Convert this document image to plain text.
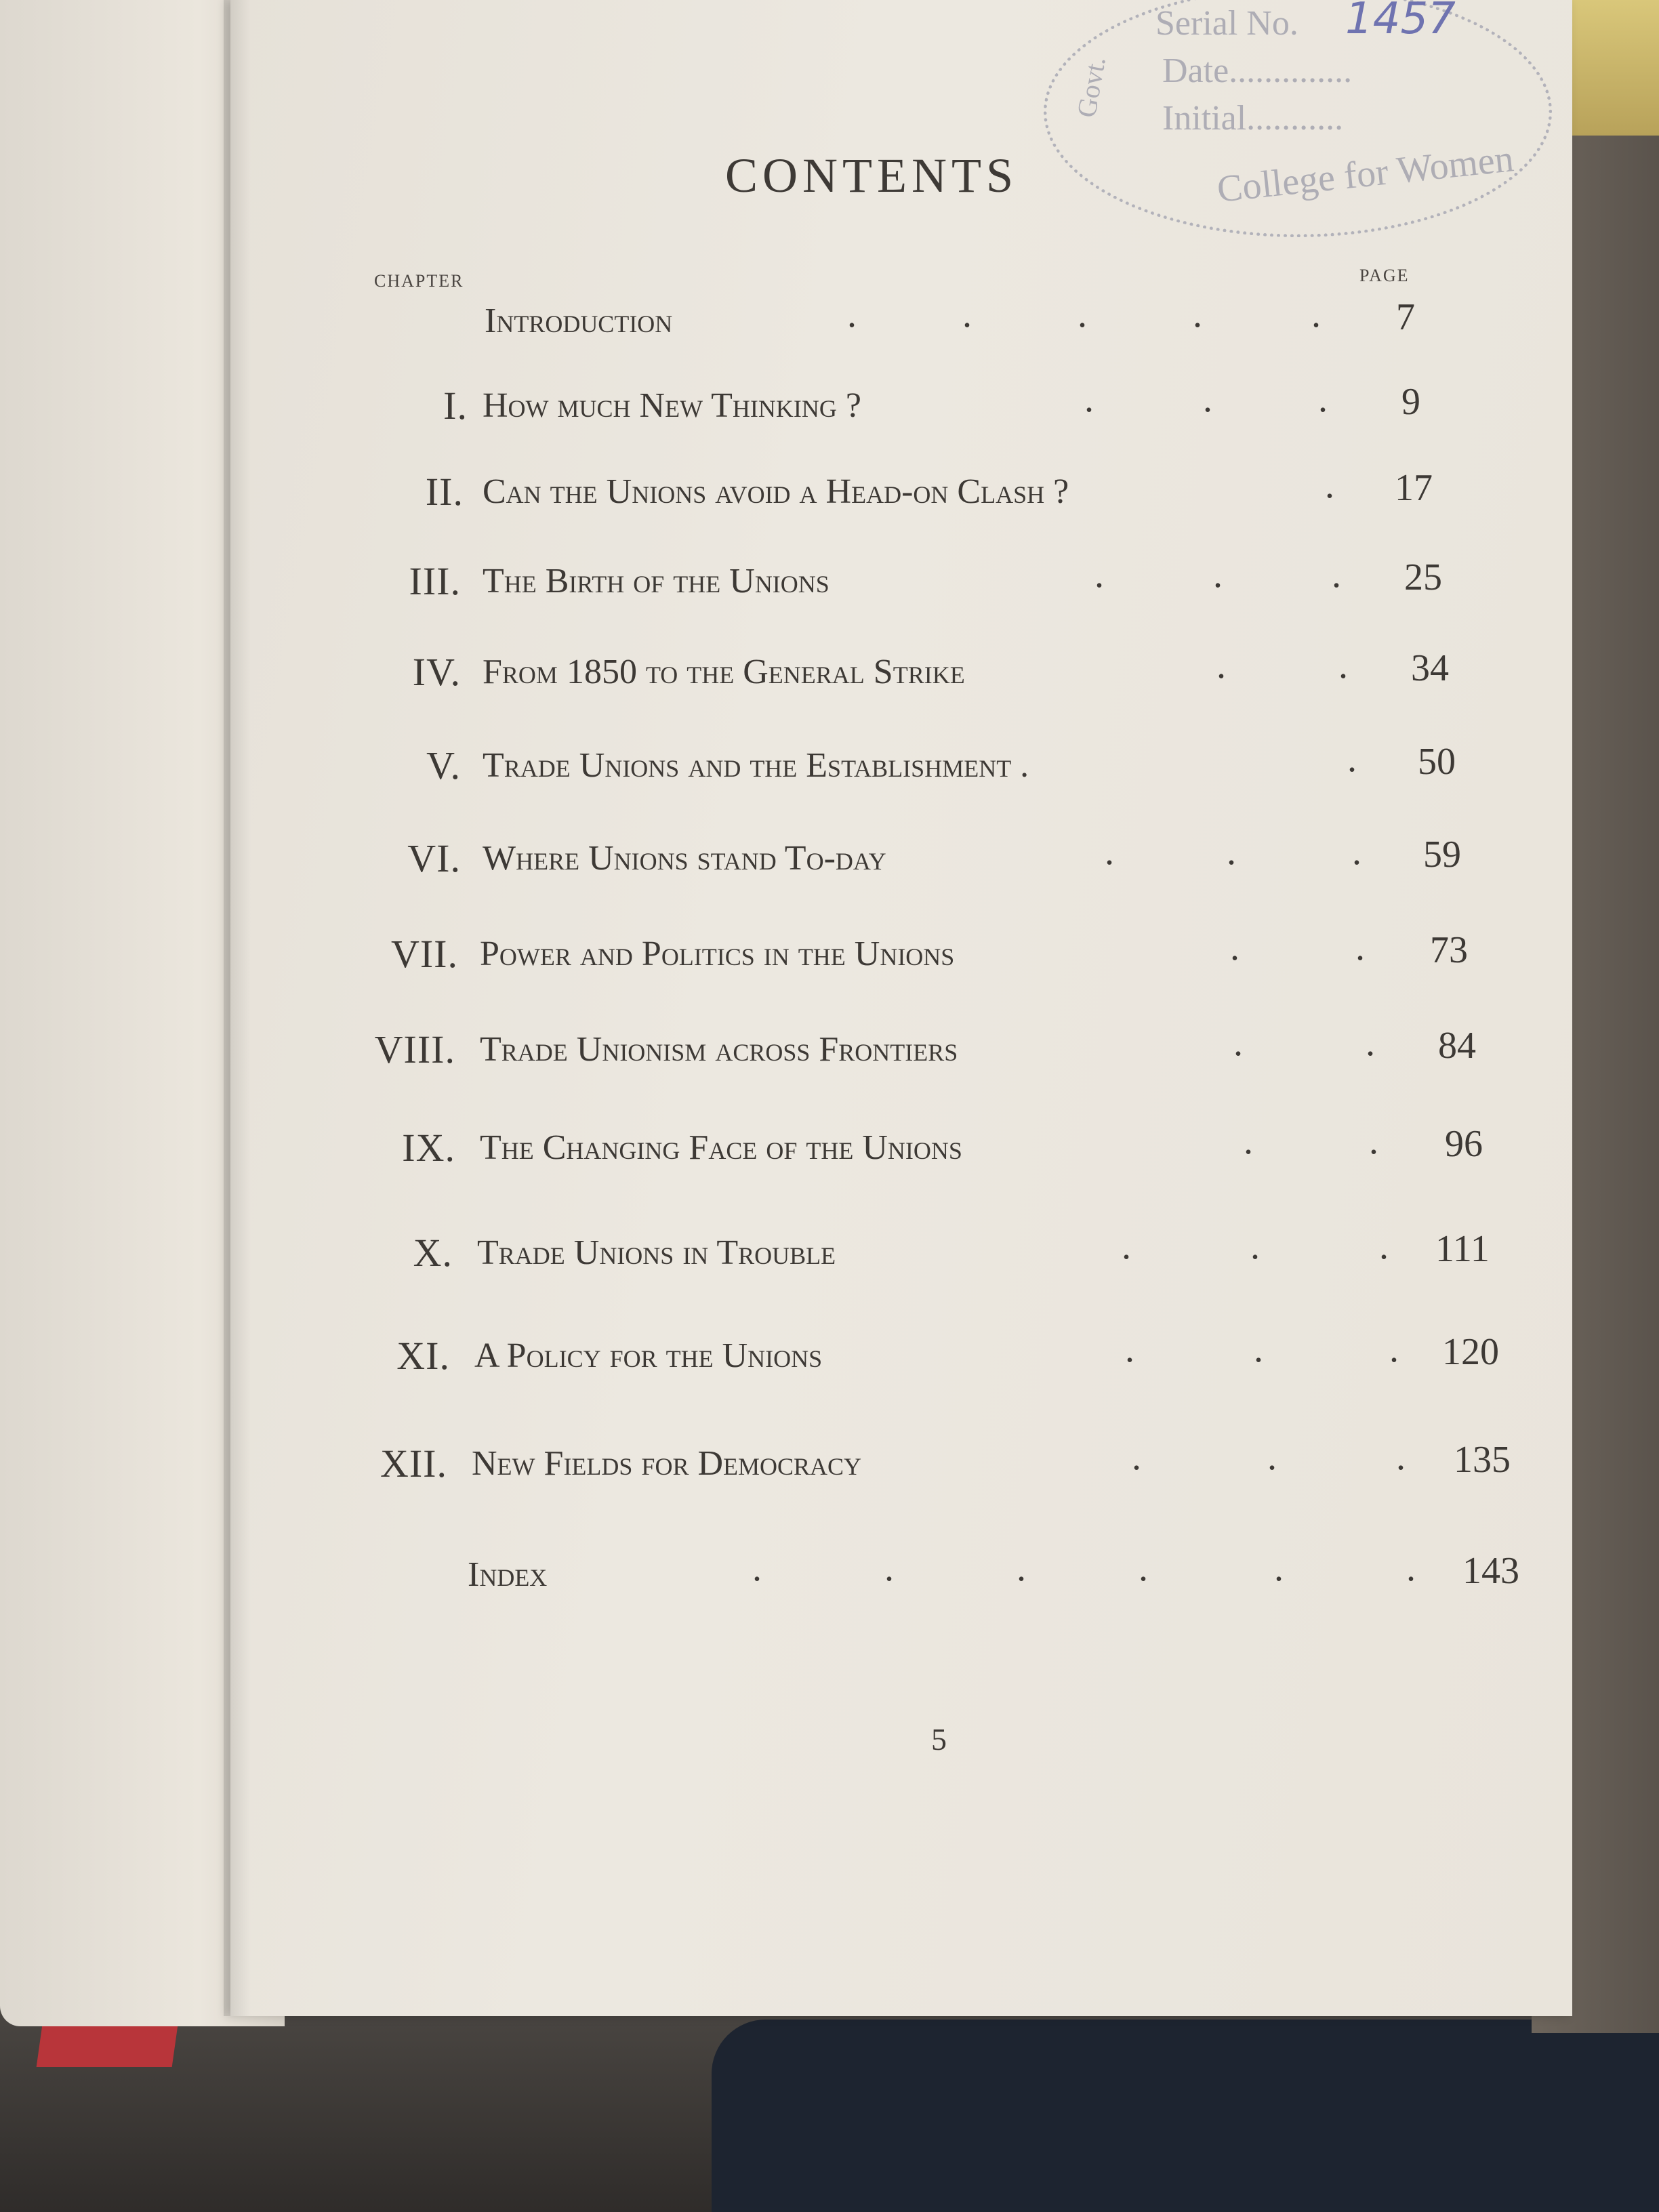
Serial No. 1457
Date..............
Initial...........
College for Women
Govt.
CONTENTS
CHAPTER	PAGE
Introduction	.	.	.	.	. 7
I. How much New Thinking ?	.	.	. 9
II. Can the Unions avoid a Head-on Clash ?	. 17
III. The Birth of the Unions	.	.	. 25
IV. From 1850 to the General Strike	.	. 34
V. Trade Unions and the Establishment .	. 50
VI. Where Unions stand To-day	.	.	. 59
VII. Power and Politics in the Unions	.	. 73
VIII. Trade Unionism across Frontiers	.	. 84
IX. The Changing Face of the Unions	.	. 96
X. Trade Unions in Trouble	.	.	. 111
XI. A Policy for the Unions	.	.	. 120
XII. New Fields for Democracy	.	.	. 135
Index	.	.	.	.	.	. 143
5
